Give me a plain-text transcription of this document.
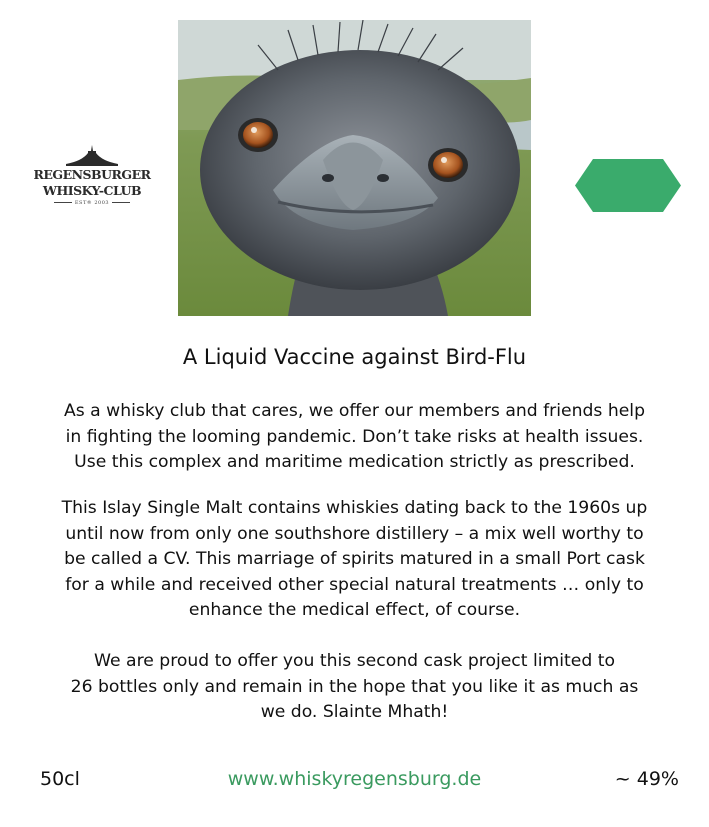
REGENSBURGER
WHISKY-CLUB
EST® 2003
A Liquid Vaccine against Bird-Flu
As a whisky club that cares, we offer our members and friends help
in fighting the looming pandemic. Don’t take risks at health issues.
Use this complex and maritime medication strictly as prescribed.
This Islay Single Malt contains whiskies dating back to the 1960s up
until now from only one southshore distillery – a mix well worthy to
be called a CV. This marriage of spirits matured in a small Port cask
for a while and received other special natural treatments … only to
enhance the medical effect, of course.
We are proud to offer you this second cask project limited to
26 bottles only and remain in the hope that you like it as much as
we do. Slainte Mhath!
50cl	www.whiskyregensburg.de	~ 49%
